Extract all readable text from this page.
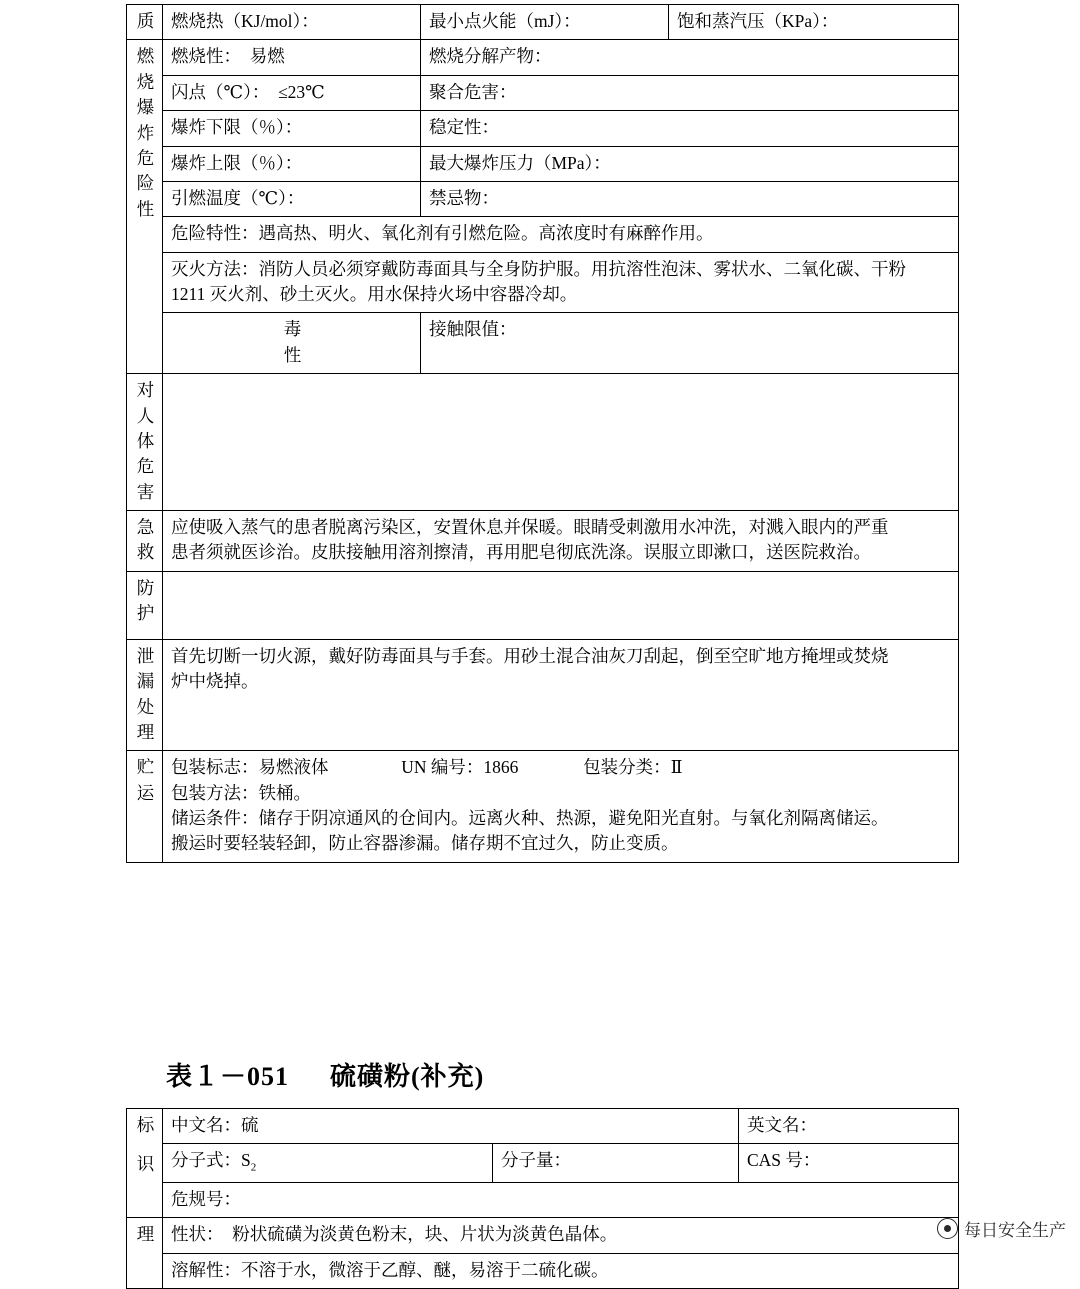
质	燃烧热（KJ/mol）：	最小点火能（mJ）：	饱和蒸汽压（KPa）：

燃
烧
爆
炸
危
险
性
	燃烧性：　易燃	燃烧分解产物：
	闪点（℃）：　≤23℃	聚合危害：	
	爆炸下限（％）：	稳定性：	
	爆炸上限（％）：	最大爆炸压力（MPa）：	
	引燃温度（℃）：	禁忌物：	
	危险特性：遇高热、明火、氧化剂有引燃危险。高浓度时有麻醉作用。		

	灭火方法：消防人员必须穿戴防毒面具与全身防护服。用抗溶性泡沫、雾状水、二氧化碳、干粉
1211 灭火剂、砂土灭火。用水保持火场中容器冷却。		

	毒
性	接触限值：	

对
人
体
危
害			

急
救	应使吸入蒸气的患者脱离污染区，安置休息并保暖。眼睛受刺激用水冲洗，对溅入眼内的严重
患者须就医诊治。皮肤接触用溶剂擦清，再用肥皂彻底洗涤。误服立即漱口，送医院救治。		

防
护			

泄
漏
处
理	首先切断一切火源，戴好防毒面具与手套。用砂土混合油灰刀刮起，倒至空旷地方掩埋或焚烧
炉中烧掉。		

贮
运	包装标志：易燃液体 UN 编号：1866 包装分类：Ⅱ
包装方法：铁桶。
储运条件：储存于阴凉通风的仓间内。远离火种、热源，避免阳光直射。与氧化剂隔离储运。
搬运时要轻装轻卸，防止容器渗漏。储存期不宜过久，防止变质。		
表１－051 硫磺粉(补充)
标

识	中文名：硫		英文名：
	分子式：$S_2$	分子量：	CAS 号：
	危规号：		
理	性状：　粉状硫磺为淡黄色粉末，块、片状为淡黄色晶体。		
	溶解性：不溶于水，微溶于乙醇、醚，易溶于二硫化碳。		
每日安全生产
